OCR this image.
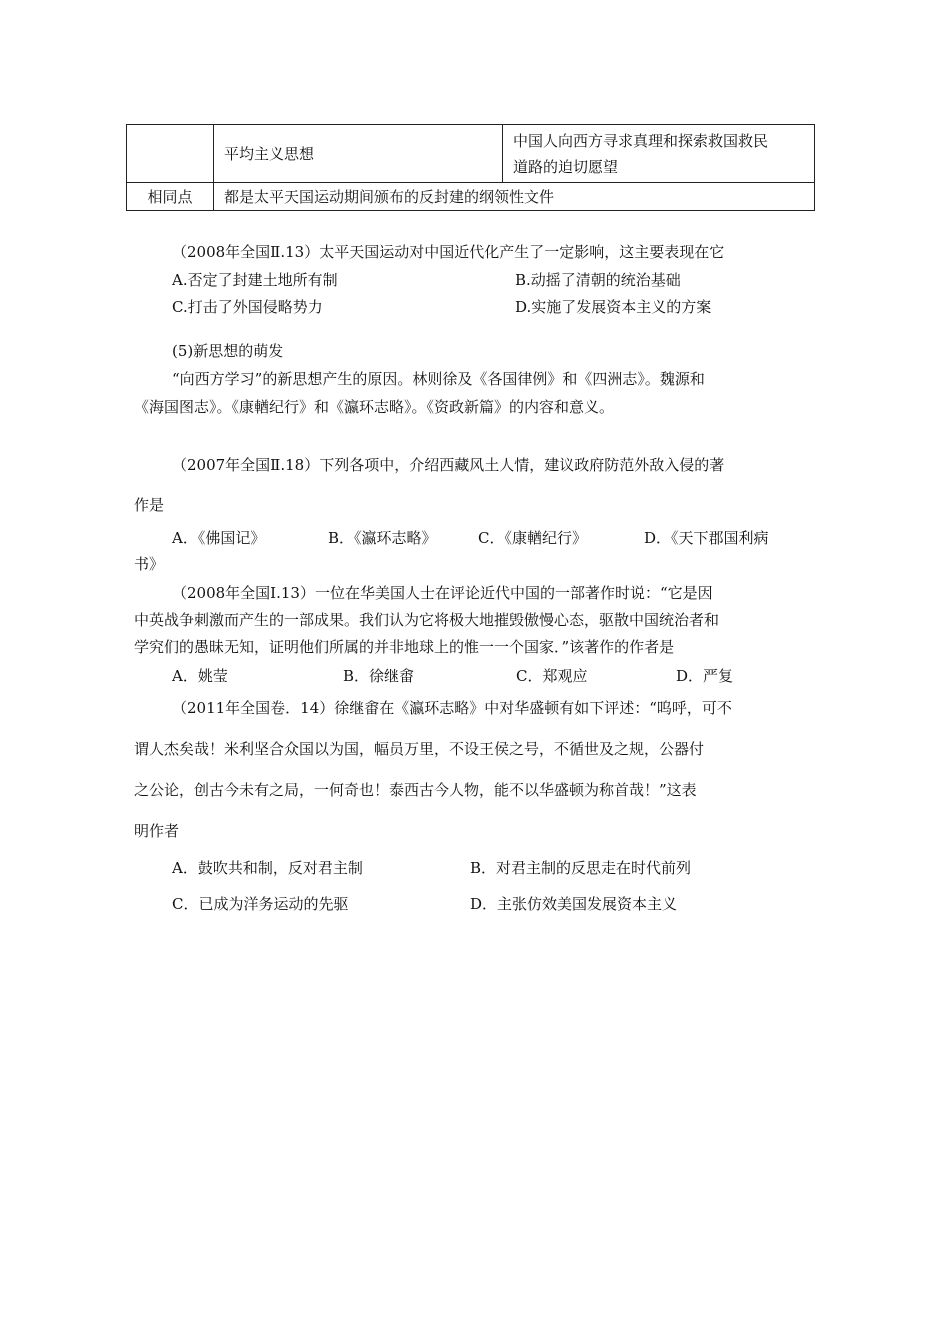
	平均主义思想	中国人向西方寻求真理和探索救国救民
道路的迫切愿望

相同点	都是太平天国运动期间颁布的反封建的纲领性文件	
（2008年全国Ⅱ.13）太平天国运动对中国近代化产生了一定影响，这主要表现在它
A.否定了封建土地所有制	B.动摇了清朝的统治基础
C.打击了外国侵略势力	D.实施了发展资本主义的方案
(5)新思想的萌发
“向西方学习”的新思想产生的原因。林则徐及《各国律例》和《四洲志》。魏源和
《海国图志》。《康輶纪行》和《瀛环志略》。《资政新篇》的内容和意义。
（2007年全国Ⅱ.18）下列各项中，介绍西藏风土人情，建议政府防范外敌入侵的著
作是
A．《佛国记》	B．《瀛环志略》	C．《康輶纪行》	D．《天下郡国利病
书》
（2008年全国Ⅰ.13）一位在华美国人士在评论近代中国的一部著作时说：“它是因
中英战争刺激而产生的一部成果。我们认为它将极大地摧毁傲慢心态，驱散中国统治者和
学究们的愚昧无知，证明他们所属的并非地球上的惟一一个国家．”该著作的作者是
A．姚莹	B．徐继畬	C．郑观应	D．严复
（2011年全国卷．14）徐继畬在《瀛环志略》中对华盛顿有如下评述：“呜呼，可不
谓人杰矣哉！米利坚合众国以为国，幅员万里，不设王侯之号，不循世及之规，公器付
之公论，创古今未有之局，一何奇也！泰西古今人物，能不以华盛顿为称首哉！”这表
明作者
A．鼓吹共和制，反对君主制	B．对君主制的反思走在时代前列
C．已成为洋务运动的先驱	D．主张仿效美国发展资本主义
